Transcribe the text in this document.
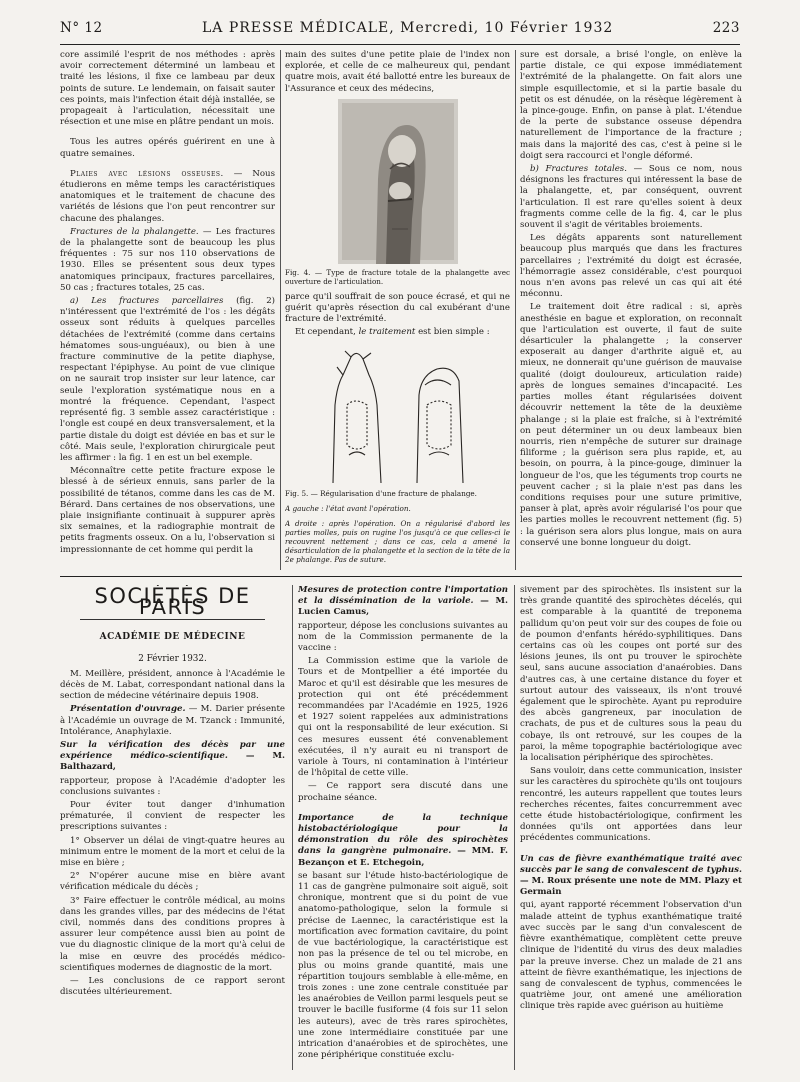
N° 12	LA PRESSE MÉDICALE, Mercredi, 10 Février 1932	223

core assimilé l'esprit de nos méthodes : après avoir correctement déterminé un lambeau et traité les lésions, il fixe ce lambeau par deux points de suture. Le lendemain, on faisait sauter ces points, mais l'infection était déjà installée, se propageait à l'articulation, nécessitait une résection et une mise en plâtre pendant un mois.

Tous les autres opérés guérirent en une à quatre semaines.

Plaies avec lésions osseuses. — Nous étudierons en même temps les caractéristiques anatomiques et le traitement de chacune des variétés de lésions que l'on peut rencontrer sur chacune des phalanges.

Fractures de la phalangette. — Les fractures de la phalangette sont de beaucoup les plus fréquentes : 75 sur nos 110 observations de 1930. Elles se présentent sous deux types anatomiques principaux, fractures parcellaires, 50 cas ; fractures totales, 25 cas.

a) Les fractures parcellaires (fig. 2) n'intéressent que l'extrémité de l'os : les dégâts osseux sont réduits à quelques parcelles détachées de l'extrémité (comme dans certains hématomes sous-unguéaux), ou bien à une fracture comminutive de la petite diaphyse, respectant l'épiphyse. Au point de vue clinique on ne saurait trop insister sur leur latence, car seule l'exploration systématique nous en a montré la fréquence. Cependant, l'aspect représenté fig. 3 semble assez caractéristique : l'ongle est coupé en deux transversalement, et la partie distale du doigt est déviée en bas et sur le côté. Mais seule, l'exploration chirurgicale peut les affirmer : la fig. 1 en est un bel exemple.

Méconnaître cette petite fracture expose le blessé à de sérieux ennuis, sans parler de la possibilité de tétanos, comme dans les cas de M. Bérard. Dans certaines de nos observations, une plaie insignifiante continuait à suppurer après six semaines, et la radiographie montrait de petits fragments osseux. On a lu, l'observation si impressionnante de cet homme qui perdit la

main des suites d'une petite plaie de l'index non explorée, et celle de ce malheureux qui, pendant quatre mois, avait été ballotté entre les bureaux de l'Assurance et ceux des médecins,

Fig. 4. — Type de fracture totale de la phalangette avec ouverture de l'articulation.

parce qu'il souffrait de son pouce écrasé, et qui ne guérit qu'après résection du cal exubérant d'une fracture de l'extrémité.

Et cependant, le traitement est bien simple :

Fig. 5. — Régularisation d'une fracture de phalange.

A gauche : l'état avant l'opération.

A droite : après l'opération. On a régularisé d'abord les parties molles, puis on rugine l'os jusqu'à ce que celles-ci le recouvrent nettement ; dans ce cas, cela a amené la désarticulation de la phalangette et la section de la tête de la 2e phalange. Pas de suture.

sure est dorsale, a brisé l'ongle, on enlève la partie distale, ce qui expose immédiatement l'extrémité de la phalangette. On fait alors une simple esquillectomie, et si la partie basale du petit os est dénudée, on la résèque légèrement à la pince-gouge. Enfin, on panse à plat. L'étendue de la perte de substance osseuse dépendra naturellement de l'importance de la fracture ; mais dans la majorité des cas, c'est à peine si le doigt sera raccourci et l'ongle déformé.

b) Fractures totales. — Sous ce nom, nous désignons les fractures qui intéressent la base de la phalangette, et, par conséquent, ouvrent l'articulation. Il est rare qu'elles soient à deux fragments comme celle de la fig. 4, car le plus souvent il s'agit de véritables broiements.

Les dégâts apparents sont naturellement beaucoup plus marqués que dans les fractures parcellaires ; l'extrémité du doigt est écrasée, l'hémorragie assez considérable, c'est pourquoi nous n'en avons pas relevé un cas qui ait été méconnu.

Le traitement doit être radical : si, après anesthésie en bague et exploration, on reconnaît que l'articulation est ouverte, il faut de suite désarticuler la phalangette ; la conserver exposerait au danger d'arthrite aiguë et, au mieux, ne donnerait qu'une guérison de mauvaise qualité (doigt douloureux, articulation raide) après de longues semaines d'incapacité. Les parties molles étant régularisées doivent découvrir nettement la tête de la deuxième phalange ; si la plaie est fraîche, si à l'extrémité on peut déterminer un ou deux lambeaux bien nourris, rien n'empêche de suturer sur drainage filiforme ; la guérison sera plus rapide, et, au besoin, on pourra, à la pince-gouge, diminuer la longueur de l'os, que les téguments trop courts ne peuvent cacher ; si la plaie n'est pas dans les conditions requises pour une suture primitive, panser à plat, après avoir régularisé l'os pour que les parties molles le recouvrent nettement (fig. 5) : la guérison sera alors plus longue, mais on aura conservé une bonne longueur du doigt.

SOCIÉTÉS DE PARIS
ACADÉMIE DE MÉDECINE
2 Février 1932.

M. Meillère, président, annonce à l'Académie le décès de M. Labat, correspondant national dans la section de médecine vétérinaire depuis 1908.

Présentation d'ouvrage. — M. Darier présente à l'Académie un ouvrage de M. Tzanck : Immunité, Intolérance, Anaphylaxie.

Sur la vérification des décès par une expérience médico-scientifique. — M. Balthazard,

rapporteur, propose à l'Académie d'adopter les conclusions suivantes :

Pour éviter tout danger d'inhumation prématurée, il convient de respecter les prescriptions suivantes :

1° Observer un délai de vingt-quatre heures au minimum entre le moment de la mort et celui de la mise en bière ;

2° N'opérer aucune mise en bière avant vérification médicale du décès ;

3° Faire effectuer le contrôle médical, au moins dans les grandes villes, par des médecins de l'état civil, nommés dans des conditions propres à assurer leur compétence aussi bien au point de vue du diagnostic clinique de la mort qu'à celui de la mise en œuvre des procédés médico-scientifiques modernes de diagnostic de la mort.

— Les conclusions de ce rapport seront discutées ultérieurement.

Mesures de protection contre l'importation et la dissémination de la variole. — M. Lucien Camus,

rapporteur, dépose les conclusions suivantes au nom de la Commission permanente de la vaccine :

La Commission estime que la variole de Tours et de Montpellier a été importée du Maroc et qu'il est désirable que les mesures de protection qui ont été précédemment recommandées par l'Académie en 1925, 1926 et 1927 soient rappelées aux administrations qui ont la responsabilité de leur exécution. Si ces mesures eussent été convenablement exécutées, il n'y aurait eu ni transport de variole à Tours, ni contamination à l'intérieur de l'hôpital de cette ville.

— Ce rapport sera discuté dans une prochaine séance.

Importance de la technique histobactériologique pour la démonstration du rôle des spirochètes dans la gangrène pulmonaire. — MM. F. Bezançon et E. Etchegoin,

se basant sur l'étude histo-bactériologique de 11 cas de gangrène pulmonaire soit aiguë, soit chronique, montrent que si du point de vue anatomo-pathologique, selon la formule si précise de Laennec, la caractéristique est la mortification avec formation cavitaire, du point de vue bactériologique, la caractéristique est non pas la présence de tel ou tel microbe, en plus ou moins grande quantité, mais une répartition toujours semblable à elle-même, en trois zones : une zone centrale constituée par les anaérobies de Veillon parmi lesquels peut se trouver le bacille fusiforme (4 fois sur 11 selon les auteurs), avec de très rares spirochètes, une zone intermédiaire constituée par une intrication d'anaérobies et de spirochètes, une zone périphérique constituée exclu-

sivement par des spirochètes. Ils insistent sur la très grande quantité des spirochètes décelés, qui est comparable à la quantité de treponema pallidum qu'on peut voir sur des coupes de foie ou de poumon d'enfants hérédo-syphilitiques. Dans certains cas où les coupes ont porté sur des lésions jeunes, ils ont pu trouver le spirochète seul, sans aucune association d'anaérobies. Dans d'autres cas, à une certaine distance du foyer et surtout autour des vaisseaux, ils n'ont trouvé également que le spirochète. Ayant pu reproduire des abcès gangreneux, par inoculation de crachats, de pus et de cultures sous la peau du cobaye, ils ont retrouvé, sur les coupes de la paroi, la même topographie bactériologique avec la localisation périphérique des spirochètes.

Sans vouloir, dans cette communication, insister sur les caractères du spirochète qu'ils ont toujours rencontré, les auteurs rappellent que toutes leurs recherches récentes, faites concurremment avec cette étude histobactériologique, confirment les données qu'ils ont apportées dans leur précédentes communications.

Un cas de fièvre exanthématique traité avec succès par le sang de convalescent de typhus. — M. Roux présente une note de MM. Plazy et Germain

qui, ayant rapporté récemment l'observation d'un malade atteint de typhus exanthématique traité avec succès par le sang d'un convalescent de fièvre exanthématique, complètent cette preuve clinique de l'identité du virus des deux maladies par la preuve inverse. Chez un malade de 21 ans atteint de fièvre exanthématique, les injections de sang de convalescent de typhus, commencées le quatrième jour, ont amené une amélioration clinique très rapide avec guérison au huitième
